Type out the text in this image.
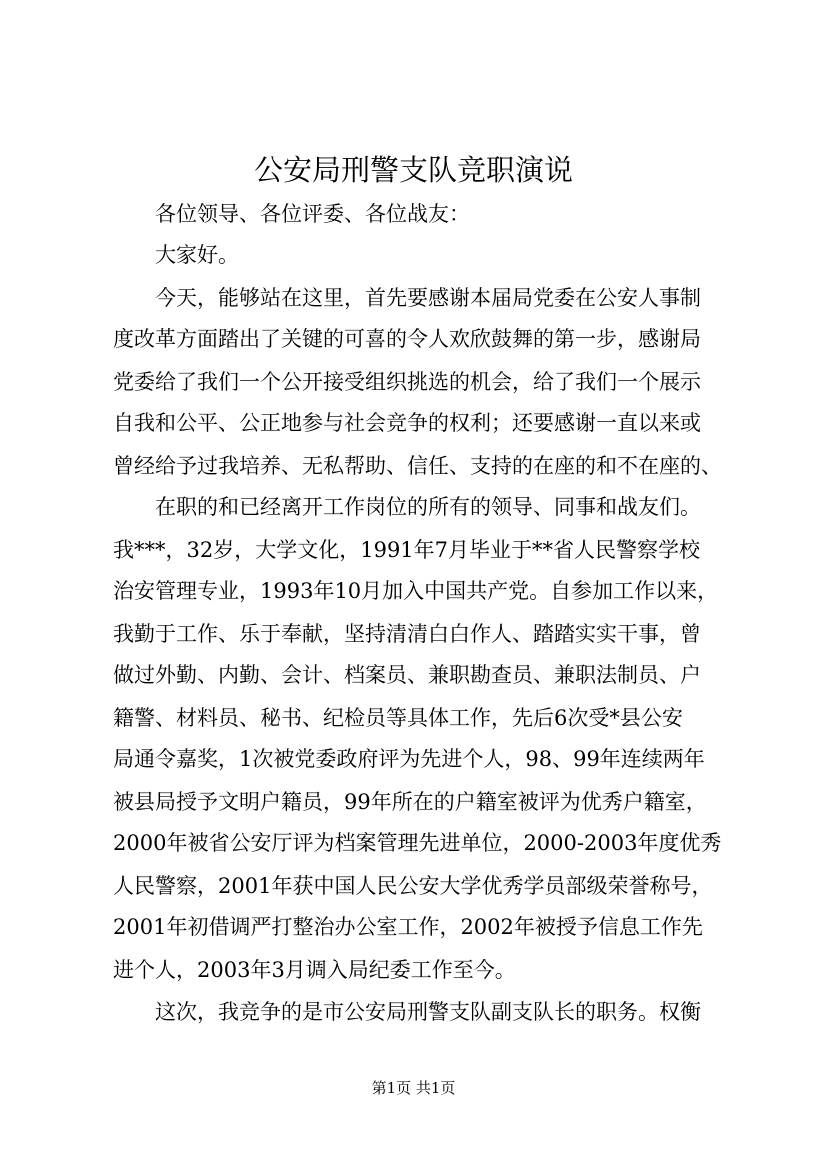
公安局刑警支队竞职演说

各位领导、各位评委、各位战友：

大家好。

今天，能够站在这里，首先要感谢本届局党委在公安人事制

度改革方面踏出了关键的可喜的令人欢欣鼓舞的第一步，感谢局

党委给了我们一个公开接受组织挑选的机会，给了我们一个展示

自我和公平、公正地参与社会竞争的权利；还要感谢一直以来或

曾经给予过我培养、无私帮助、信任、支持的在座的和不在座的、

在职的和已经离开工作岗位的所有的领导、同事和战友们。

我***，32岁，大学文化，1991年7月毕业于**省人民警察学校

治安管理专业，1993年10月加入中国共产党。自参加工作以来，

我勤于工作、乐于奉献，坚持清清白白作人、踏踏实实干事，曾

做过外勤、内勤、会计、档案员、兼职勘查员、兼职法制员、户

籍警、材料员、秘书、纪检员等具体工作，先后6次受*县公安

局通令嘉奖，1次被党委政府评为先进个人，98、99年连续两年

被县局授予文明户籍员，99年所在的户籍室被评为优秀户籍室，

2000年被省公安厅评为档案管理先进单位，2000-2003年度优秀

人民警察，2001年获中国人民公安大学优秀学员部级荣誉称号，

2001年初借调严打整治办公室工作，2002年被授予信息工作先

进个人，2003年3月调入局纪委工作至今。

这次，我竞争的是市公安局刑警支队副支队长的职务。权衡

第1页 共1页
